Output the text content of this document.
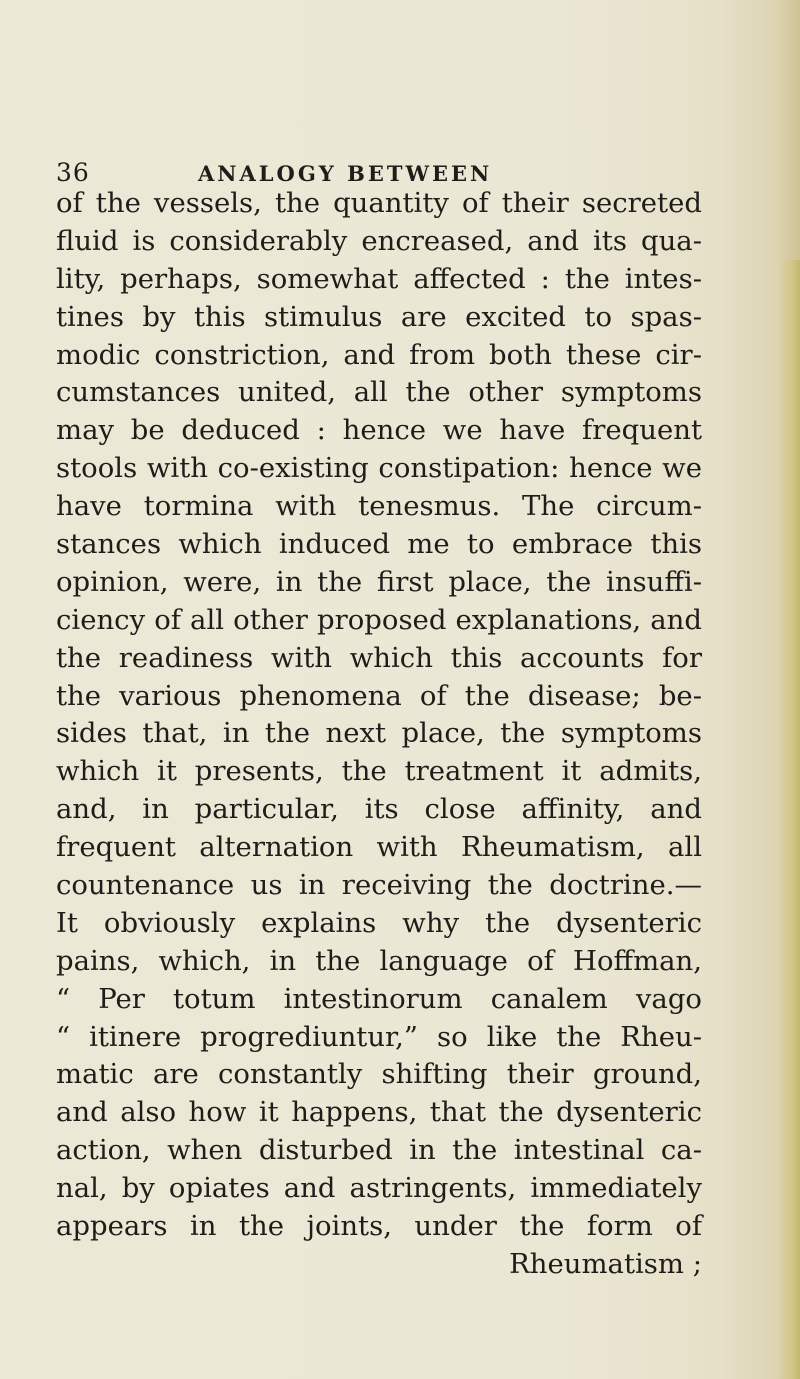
36	ANALOGY BETWEEN
of the vessels, the quantity of their secreted
fluid is considerably encreased, and its qua-
lity, perhaps, somewhat affected : the intes-
tines by this stimulus are excited to spas-
modic constriction, and from both these cir-
cumstances united, all the other symptoms
may be deduced : hence we have frequent
stools with co-existing constipation: hence we
have tormina with tenesmus. The circum-
stances which induced me to embrace this
opinion, were, in the first place, the insuffi-
ciency of all other proposed explanations, and
the readiness with which this accounts for
the various phenomena of the disease; be-
sides that, in the next place, the symptoms
which it presents, the treatment it admits,
and, in particular, its close affinity, and
frequent alternation with Rheumatism, all
countenance us in receiving the doctrine.—
It obviously explains why the dysenteric
pains, which, in the language of Hoffman,
“ Per totum intestinorum canalem vago
“ itinere progrediuntur,” so like the Rheu-
matic are constantly shifting their ground,
and also how it happens, that the dysenteric
action, when disturbed in the intestinal ca-
nal, by opiates and astringents, immediately
appears in the joints, under the form of
Rheumatism ;
